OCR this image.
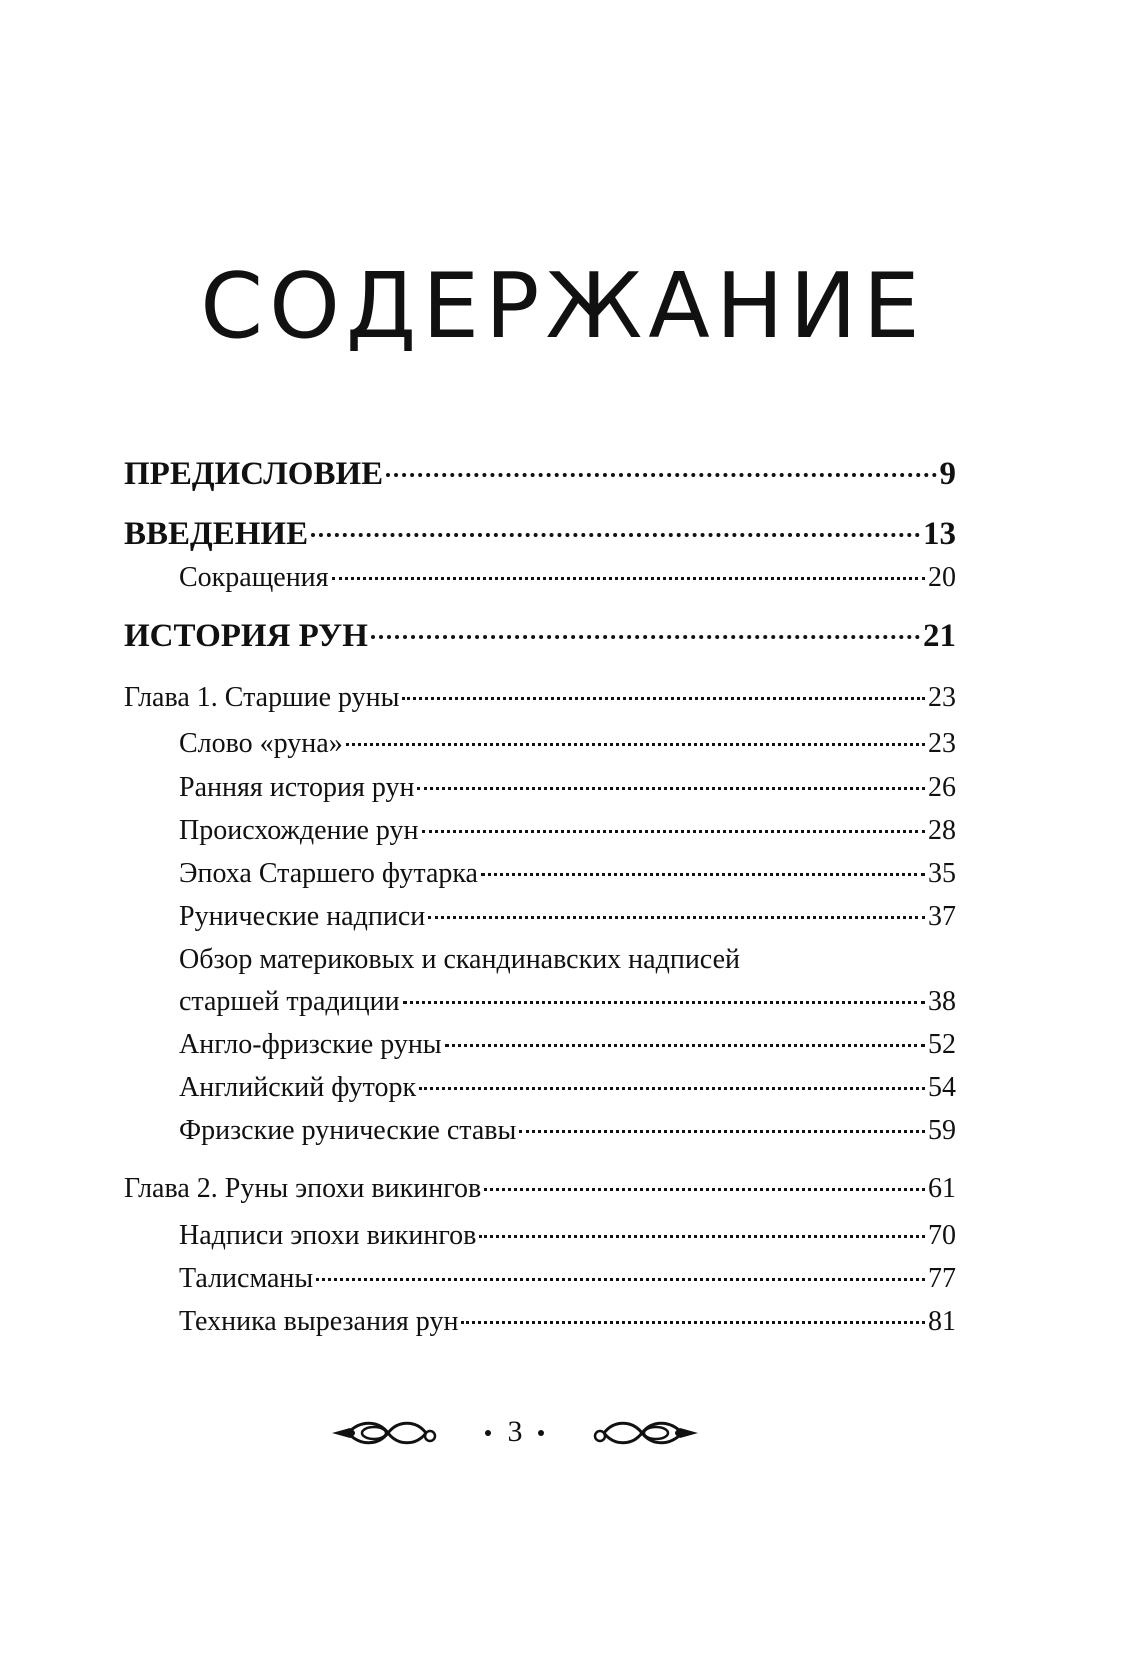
СОДЕРЖАНИЕ
ПРЕДИСЛОВИЕ	9
ВВЕДЕНИЕ	13
Сокращения	20
ИСТОРИЯ РУН	21
Глава 1. Старшие руны	23
Слово «руна»	23
Ранняя история рун	26
Происхождение рун	28
Эпоха Старшего футарка	35
Рунические надписи	37
Обзор материковых и скандинавских надписей
старшей традиции	38
Англо-фризские руны	52
Английский футорк	54
Фризские рунические ставы	59
Глава 2. Руны эпохи викингов	61
Надписи эпохи викингов	70
Талисманы	77
Техника вырезания рун	81
3
